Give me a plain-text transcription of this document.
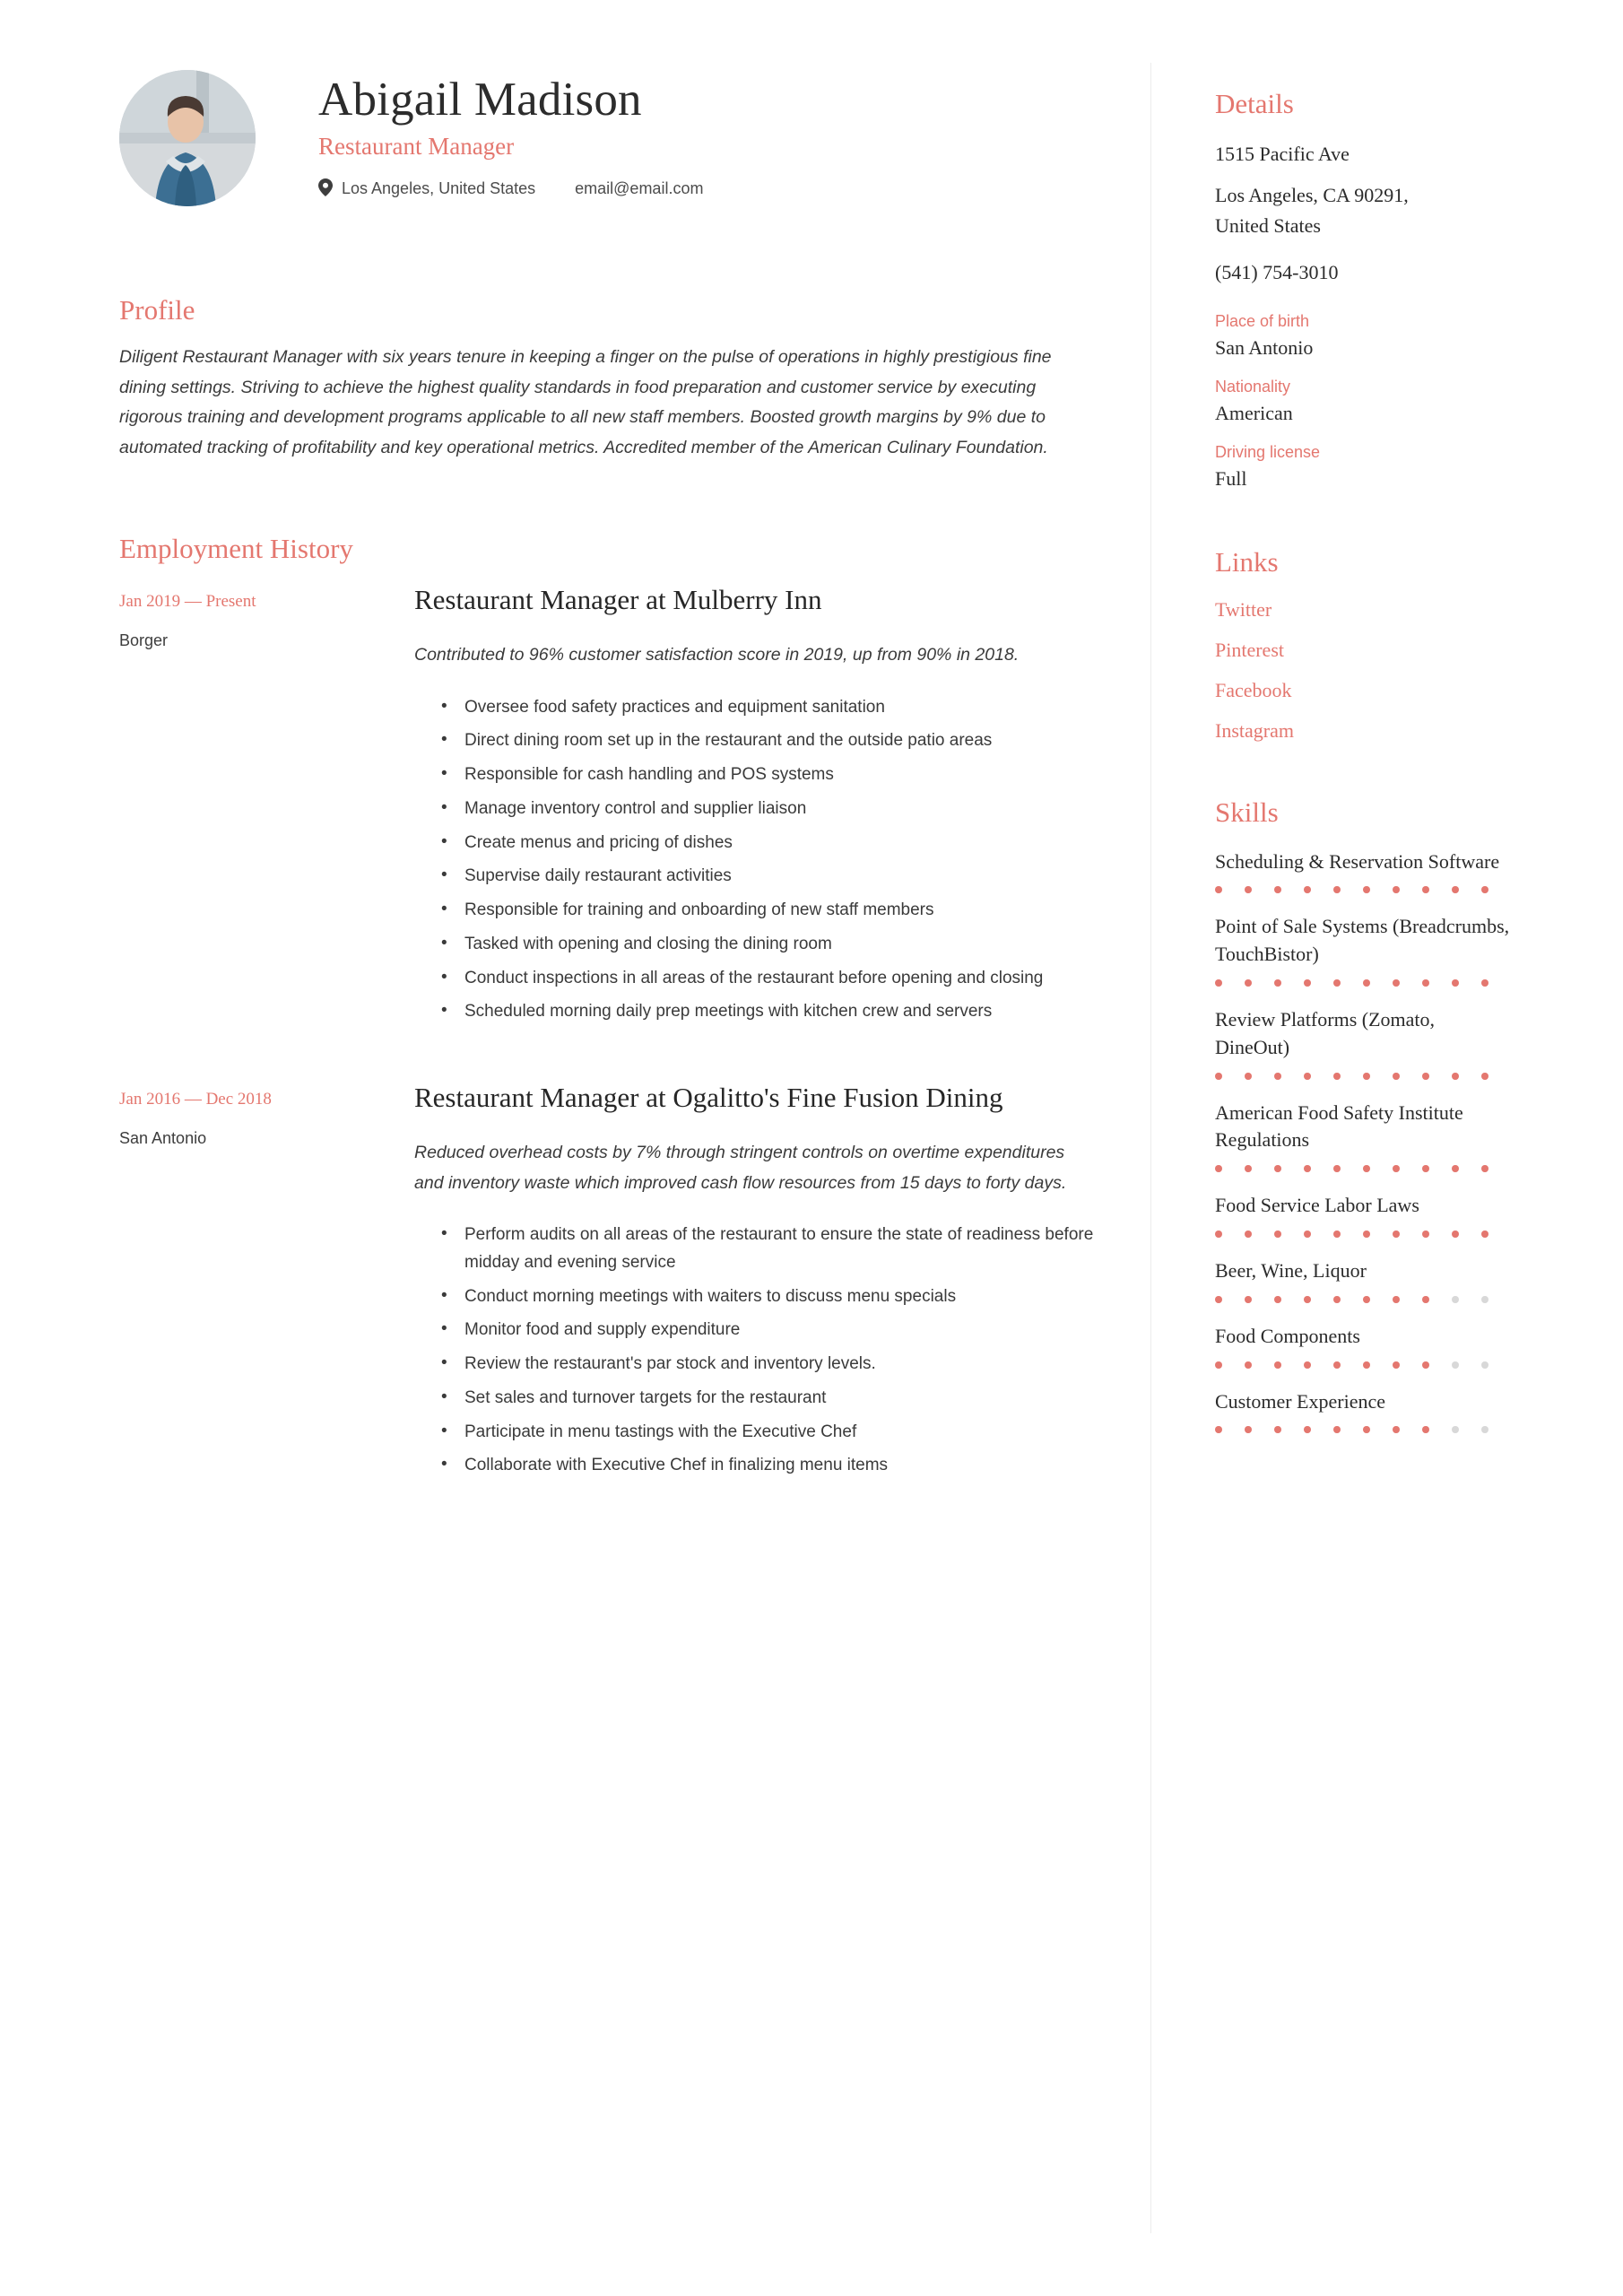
Abigail Madison
Restaurant Manager
Los Angeles, United States email@email.com
Profile

Diligent Restaurant Manager with six years tenure in keeping a finger on the pulse of operations in highly prestigious fine dining settings. Striving to achieve the highest quality standards in food preparation and customer service by executing rigorous training and development programs applicable to all new staff members. Boosted growth margins by 9% due to automated tracking of profitability and key operational metrics. Accredited member of the American Culinary Foundation.

Employment History
Jan 2019 — Present
Borger
Restaurant Manager at Mulberry Inn

Contributed to 96% customer satisfaction score in 2019, up from 90% in 2018.

• Oversee food safety practices and equipment sanitation
• Direct dining room set up in the restaurant and the outside patio areas
• Responsible for cash handling and POS systems
• Manage inventory control and supplier liaison
• Create menus and pricing of dishes
• Supervise daily restaurant activities
• Responsible for training and onboarding of new staff members
• Tasked with opening and closing the dining room
• Conduct inspections in all areas of the restaurant before opening and closing
• Scheduled morning daily prep meetings with kitchen crew and servers
Jan 2016 — Dec 2018
San Antonio
Restaurant Manager at Ogalitto's Fine Fusion Dining

Reduced overhead costs by 7% through stringent controls on overtime expenditures and inventory waste which improved cash flow resources from 15 days to forty days.

• Perform audits on all areas of the restaurant to ensure the state of readiness before midday and evening service
• Conduct morning meetings with waiters to discuss menu specials
• Monitor food and supply expenditure
• Review the restaurant's par stock and inventory levels.
• Set sales and turnover targets for the restaurant
• Participate in menu tastings with the Executive Chef
• Collaborate with Executive Chef in finalizing menu items
Details
1515 Pacific Ave
Los Angeles, CA 90291,
United States
(541) 754-3010
Place of birth
San Antonio
Nationality
American
Driving license
Full
Links
Twitter
Pinterest
Facebook
Instagram
Skills
Scheduling & Reservation Software
Point of Sale Systems (Breadcrumbs, TouchBistor)
Review Platforms (Zomato, DineOut)
American Food Safety Institute Regulations
Food Service Labor Laws
Beer, Wine, Liquor
Food Components
Customer Experience
